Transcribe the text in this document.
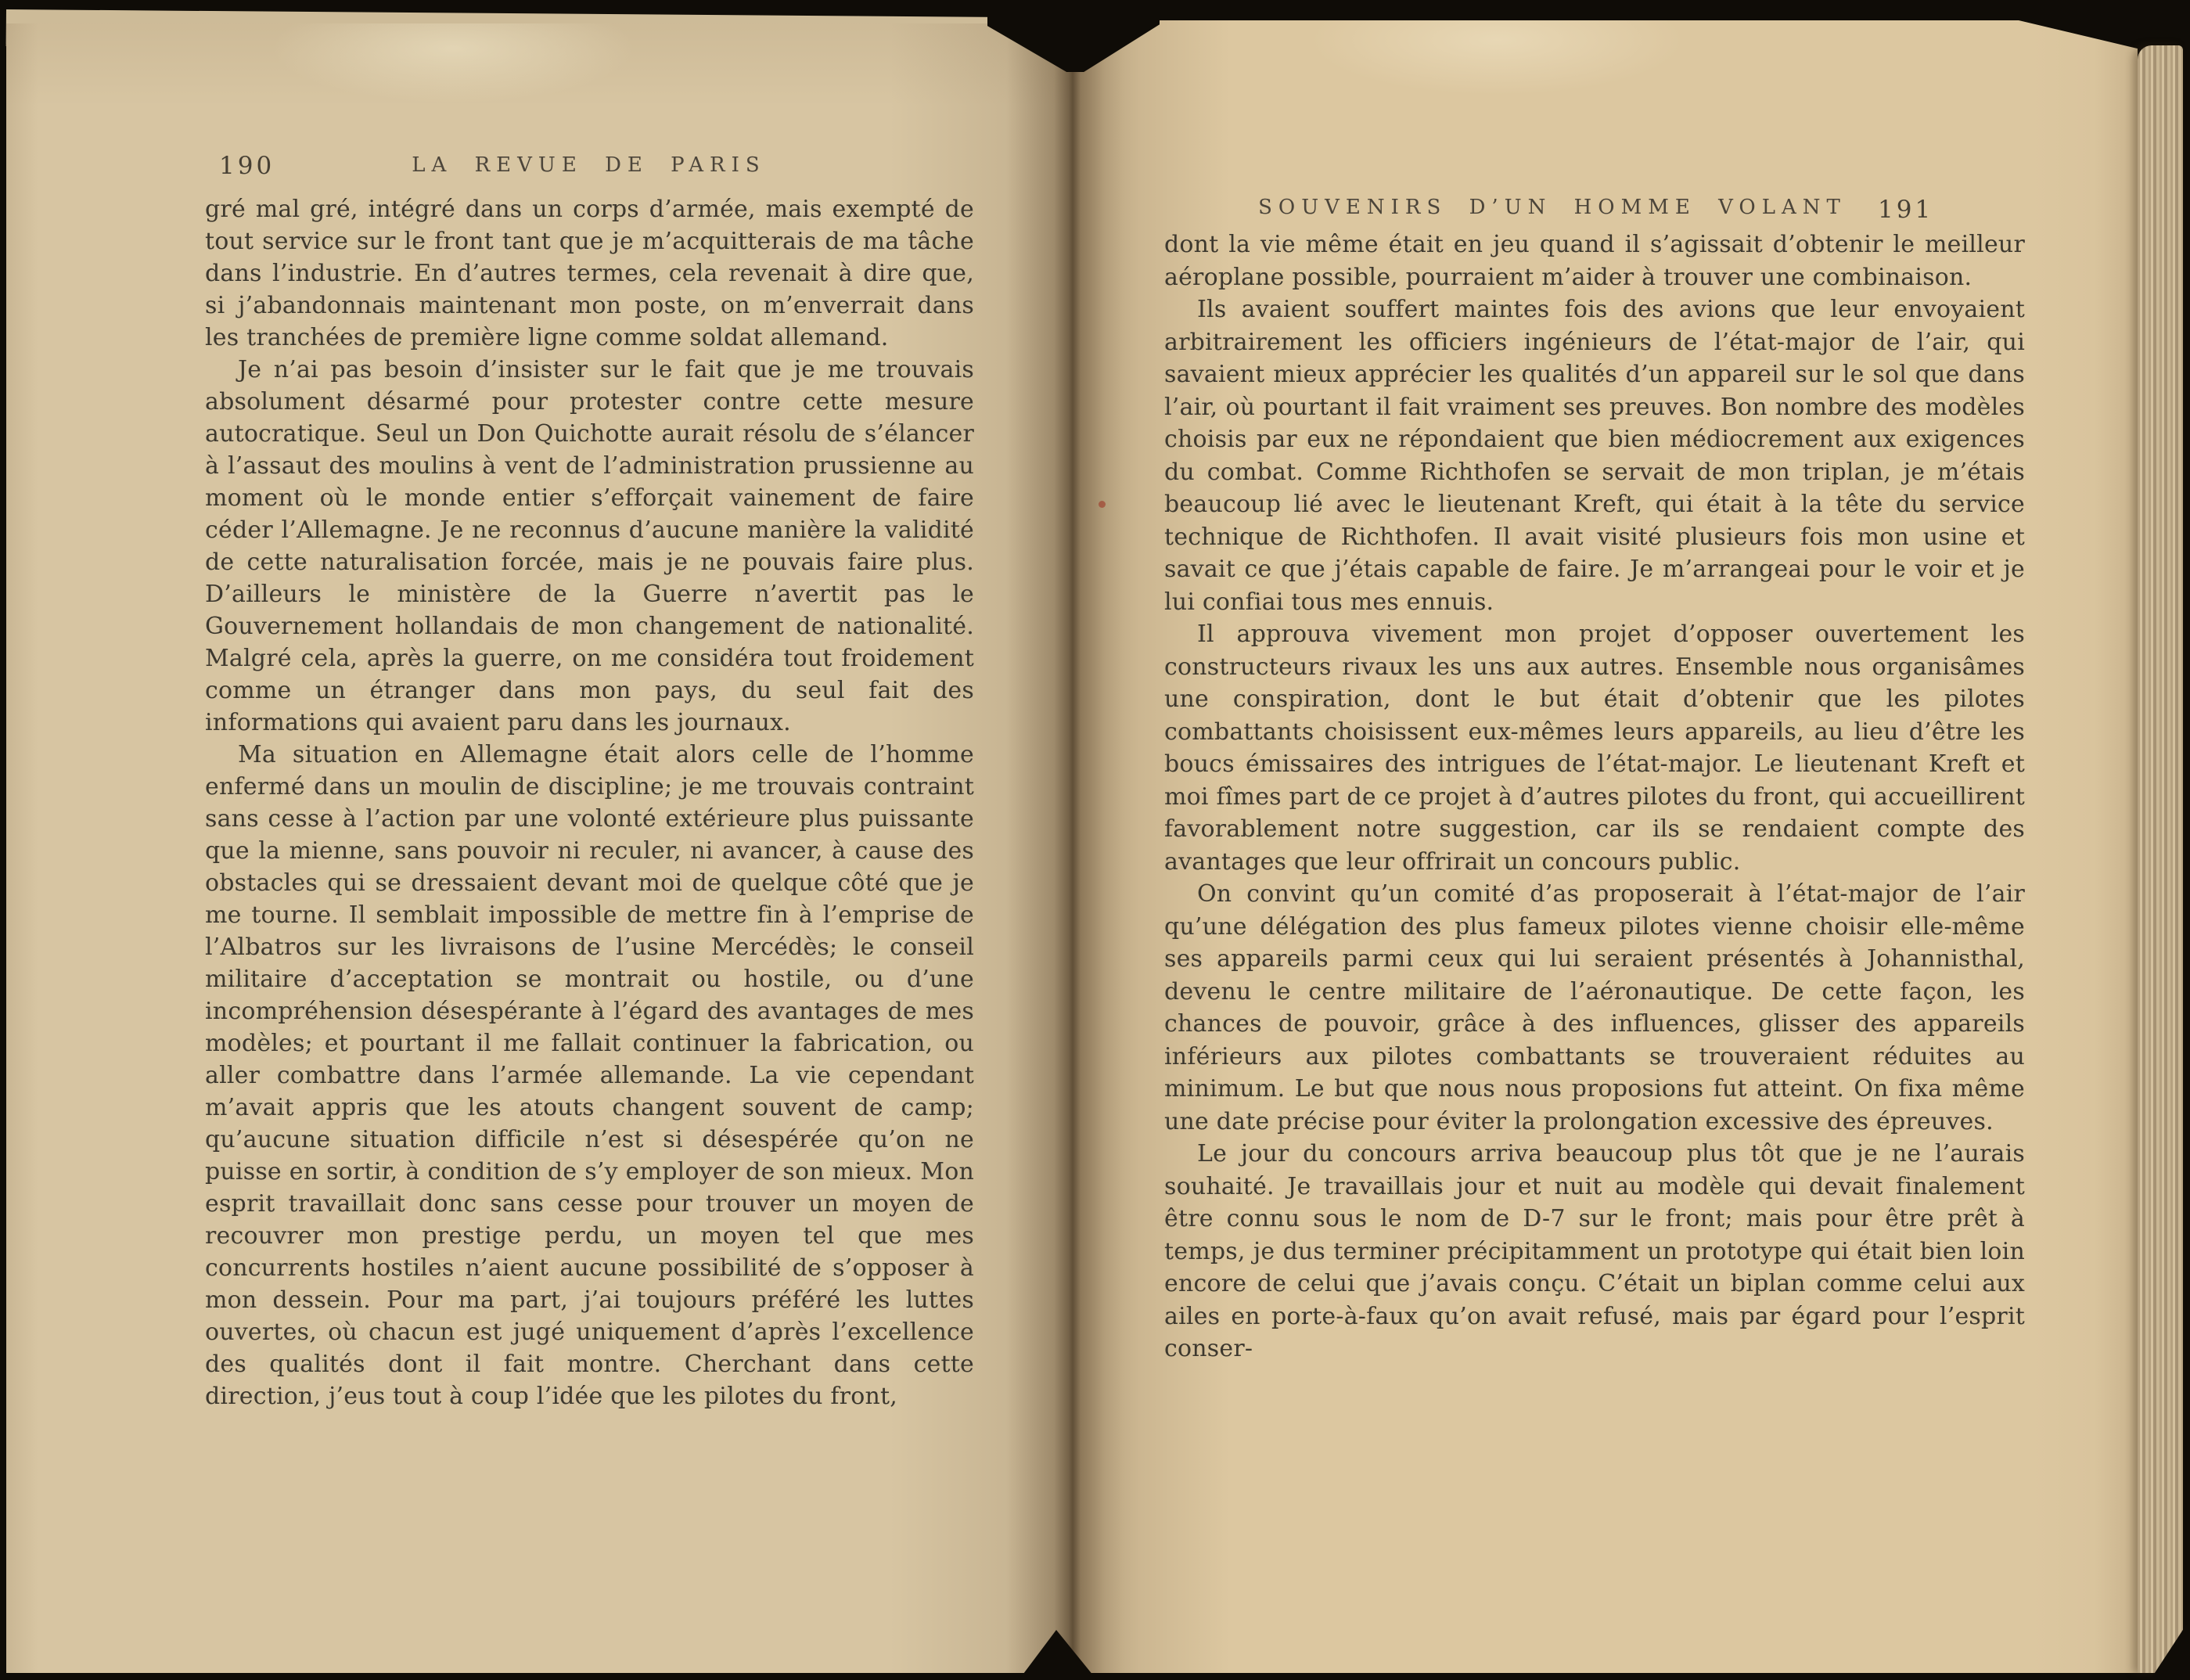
190	LA REVUE DE PARIS
SOUVENIRS D’UN HOMME VOLANT 191

gré mal gré, intégré dans un corps d’armée, mais exempté de tout service sur le front tant que je m’acquitterais de ma tâche dans l’industrie. En d’autres termes, cela revenait à dire que, si j’abandonnais maintenant mon poste, on m’enverrait dans les tranchées de première ligne comme soldat allemand.

Je n’ai pas besoin d’insister sur le fait que je me trouvais absolument désarmé pour protester contre cette mesure autocratique. Seul un Don Quichotte aurait résolu de s’élancer à l’assaut des moulins à vent de l’administration prussienne au moment où le monde entier s’efforçait vainement de faire céder l’Allemagne. Je ne reconnus d’aucune manière la validité de cette naturalisation forcée, mais je ne pouvais faire plus. D’ailleurs le ministère de la Guerre n’avertit pas le Gouvernement hollandais de mon changement de nationalité. Malgré cela, après la guerre, on me considéra tout froidement comme un étranger dans mon pays, du seul fait des informations qui avaient paru dans les journaux.

Ma situation en Allemagne était alors celle de l’homme enfermé dans un moulin de discipline; je me trouvais contraint sans cesse à l’action par une volonté extérieure plus puissante que la mienne, sans pouvoir ni reculer, ni avancer, à cause des obstacles qui se dressaient devant moi de quelque côté que je me tourne. Il semblait impossible de mettre fin à l’emprise de l’Albatros sur les livraisons de l’usine Mercédès; le conseil militaire d’acceptation se montrait ou hostile, ou d’une incompréhension désespérante à l’égard des avantages de mes modèles; et pourtant il me fallait continuer la fabrication, ou aller combattre dans l’armée allemande. La vie cependant m’avait appris que les atouts changent souvent de camp; qu’aucune situation difficile n’est si désespérée qu’on ne puisse en sortir, à condition de s’y employer de son mieux. Mon esprit travaillait donc sans cesse pour trouver un moyen de recouvrer mon prestige perdu, un moyen tel que mes concurrents hostiles n’aient aucune possibilité de s’opposer à mon dessein. Pour ma part, j’ai toujours préféré les luttes ouvertes, où chacun est jugé uniquement d’après l’excellence des qualités dont il fait montre. Cherchant dans cette direction, j’eus tout à coup l’idée que les pilotes du front,

dont la vie même était en jeu quand il s’agissait d’obtenir le meilleur aéroplane possible, pourraient m’aider à trouver une combinaison.

Ils avaient souffert maintes fois des avions que leur envoyaient arbitrairement les officiers ingénieurs de l’état-major de l’air, qui savaient mieux apprécier les qualités d’un appareil sur le sol que dans l’air, où pourtant il fait vraiment ses preuves. Bon nombre des modèles choisis par eux ne répondaient que bien médiocrement aux exigences du combat. Comme Richthofen se servait de mon triplan, je m’étais beaucoup lié avec le lieutenant Kreft, qui était à la tête du service technique de Richthofen. Il avait visité plusieurs fois mon usine et savait ce que j’étais capable de faire. Je m’arrangeai pour le voir et je lui confiai tous mes ennuis.

Il approuva vivement mon projet d’opposer ouvertement les constructeurs rivaux les uns aux autres. Ensemble nous organisâmes une conspiration, dont le but était d’obtenir que les pilotes combattants choisissent eux-mêmes leurs appareils, au lieu d’être les boucs émissaires des intrigues de l’état-major. Le lieutenant Kreft et moi fîmes part de ce projet à d’autres pilotes du front, qui accueillirent favorablement notre suggestion, car ils se rendaient compte des avantages que leur offrirait un concours public.

On convint qu’un comité d’as proposerait à l’état-major de l’air qu’une délégation des plus fameux pilotes vienne choisir elle-même ses appareils parmi ceux qui lui seraient présentés à Johannisthal, devenu le centre militaire de l’aéronautique. De cette façon, les chances de pouvoir, grâce à des influences, glisser des appareils inférieurs aux pilotes combattants se trouveraient réduites au minimum. Le but que nous nous proposions fut atteint. On fixa même une date précise pour éviter la prolongation excessive des épreuves.

Le jour du concours arriva beaucoup plus tôt que je ne l’aurais souhaité. Je travaillais jour et nuit au modèle qui devait finalement être connu sous le nom de D-7 sur le front; mais pour être prêt à temps, je dus terminer précipitamment un prototype qui était bien loin encore de celui que j’avais conçu. C’était un biplan comme celui aux ailes en porte-à-faux qu’on avait refusé, mais par égard pour l’esprit conser-
